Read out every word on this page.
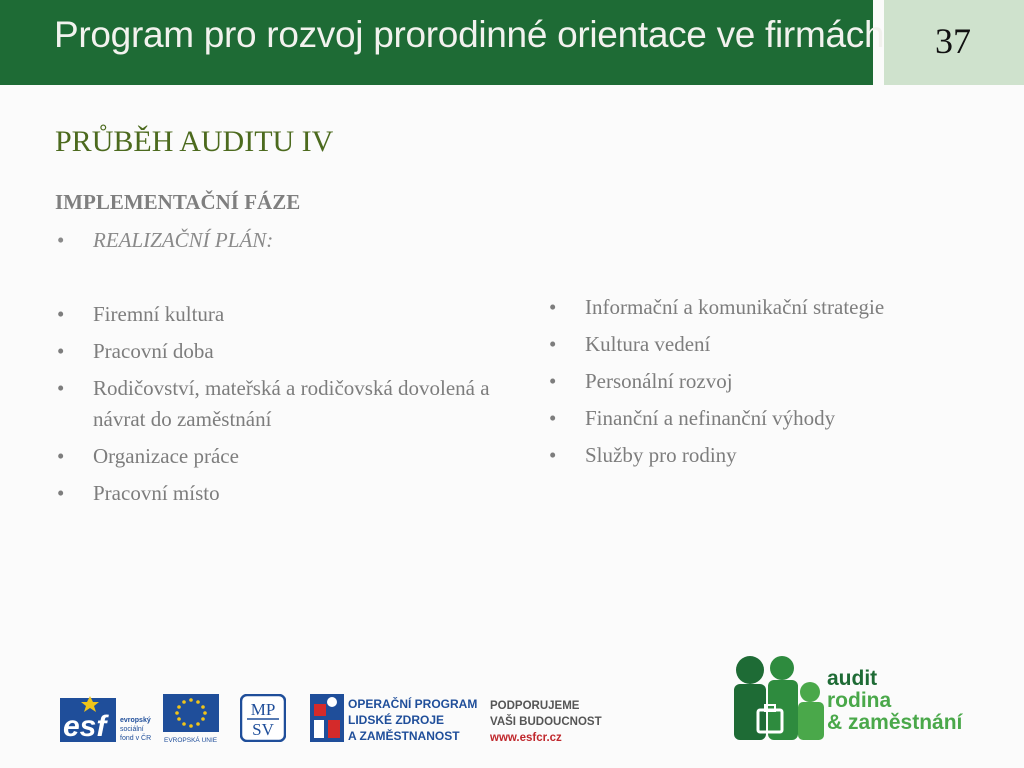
Program pro rozvoj prorodinné orientace ve firmách	37
PRŮBĚH AUDITU IV
IMPLEMENTAČNÍ FÁZE
• REALIZAČNÍ PLÁN:
• Firemní kultura
• Pracovní doba
• Rodičovství, mateřská a rodičovská dovolená a návrat do zaměstnání
• Organizace práce
• Pracovní místo
• Informační a komunikační strategie
• Kultura vedení
• Personální rozvoj
• Finanční a nefinanční výhody
• Služby pro rodiny
esf	evropský
sociální
fond v ČR EVROPSKÁ UNIE
MP
SV
OPERAČNÍ PROGRAM
LIDSKÉ ZDROJE
A ZAMĚSTNANOST
PODPORUJEME
VAŠI BUDOUCNOST
www.esfcr.cz
audit
rodina
& zaměstnání
